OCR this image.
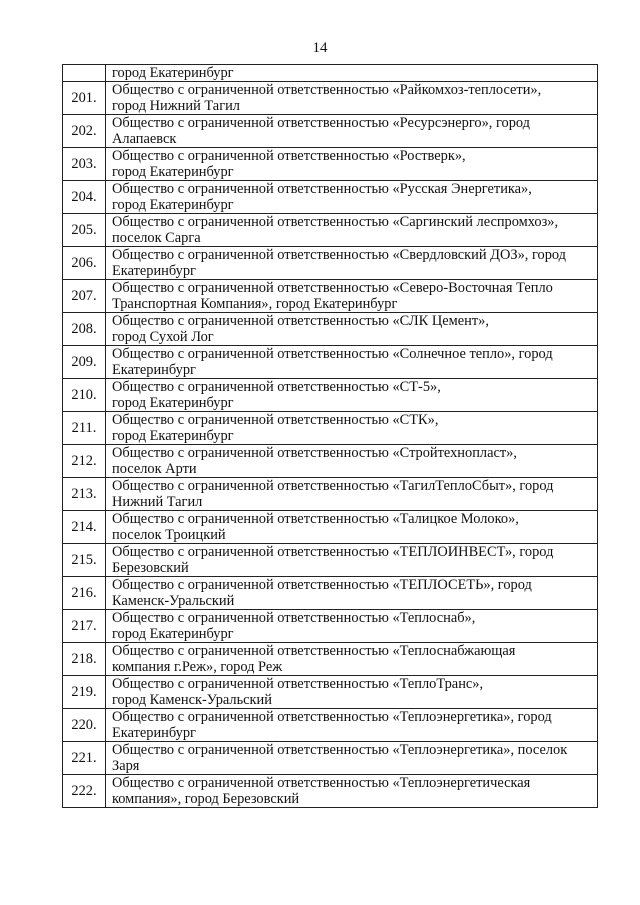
14

	город Екатеринбург

201.	Общество с ограниченной ответственностью «Райкомхоз-теплосети»,
город Нижний Тагил

202.	Общество с ограниченной ответственностью «Ресурсэнерго», город
Алапаевск

203.	Общество с ограниченной ответственностью «Ростверк»,
город Екатеринбург

204.	Общество с ограниченной ответственностью «Русская Энергетика»,
город Екатеринбург

205.	Общество с ограниченной ответственностью «Саргинский леспромхоз»,
поселок Сарга

206.	Общество с ограниченной ответственностью «Свердловский ДОЗ», город
Екатеринбург

207.	Общество с ограниченной ответственностью «Северо-Восточная Тепло
Транспортная Компания», город Екатеринбург

208.	Общество с ограниченной ответственностью «СЛК Цемент»,
город Сухой Лог

209.	Общество с ограниченной ответственностью «Солнечное тепло», город
Екатеринбург

210.	Общество с ограниченной ответственностью «СТ-5»,
город Екатеринбург

211.	Общество с ограниченной ответственностью «СТК»,
город Екатеринбург

212.	Общество с ограниченной ответственностью «Стройтехнопласт»,
поселок Арти

213.	Общество с ограниченной ответственностью «ТагилТеплоСбыт», город
Нижний Тагил

214.	Общество с ограниченной ответственностью «Талицкое Молоко»,
поселок Троицкий

215.	Общество с ограниченной ответственностью «ТЕПЛОИНВЕСТ», город
Березовский

216.	Общество с ограниченной ответственностью «ТЕПЛОСЕТЬ», город
Каменск-Уральский

217.	Общество с ограниченной ответственностью «Теплоснаб»,
город Екатеринбург

218.	Общество с ограниченной ответственностью «Теплоснабжающая
компания г.Реж», город Реж

219.	Общество с ограниченной ответственностью «ТеплоТранс»,
город Каменск-Уральский

220.	Общество с ограниченной ответственностью «Теплоэнергетика», город
Екатеринбург

221.	Общество с ограниченной ответственностью «Теплоэнергетика», поселок
Заря

222.	Общество с ограниченной ответственностью «Теплоэнергетическая
компания», город Березовский
